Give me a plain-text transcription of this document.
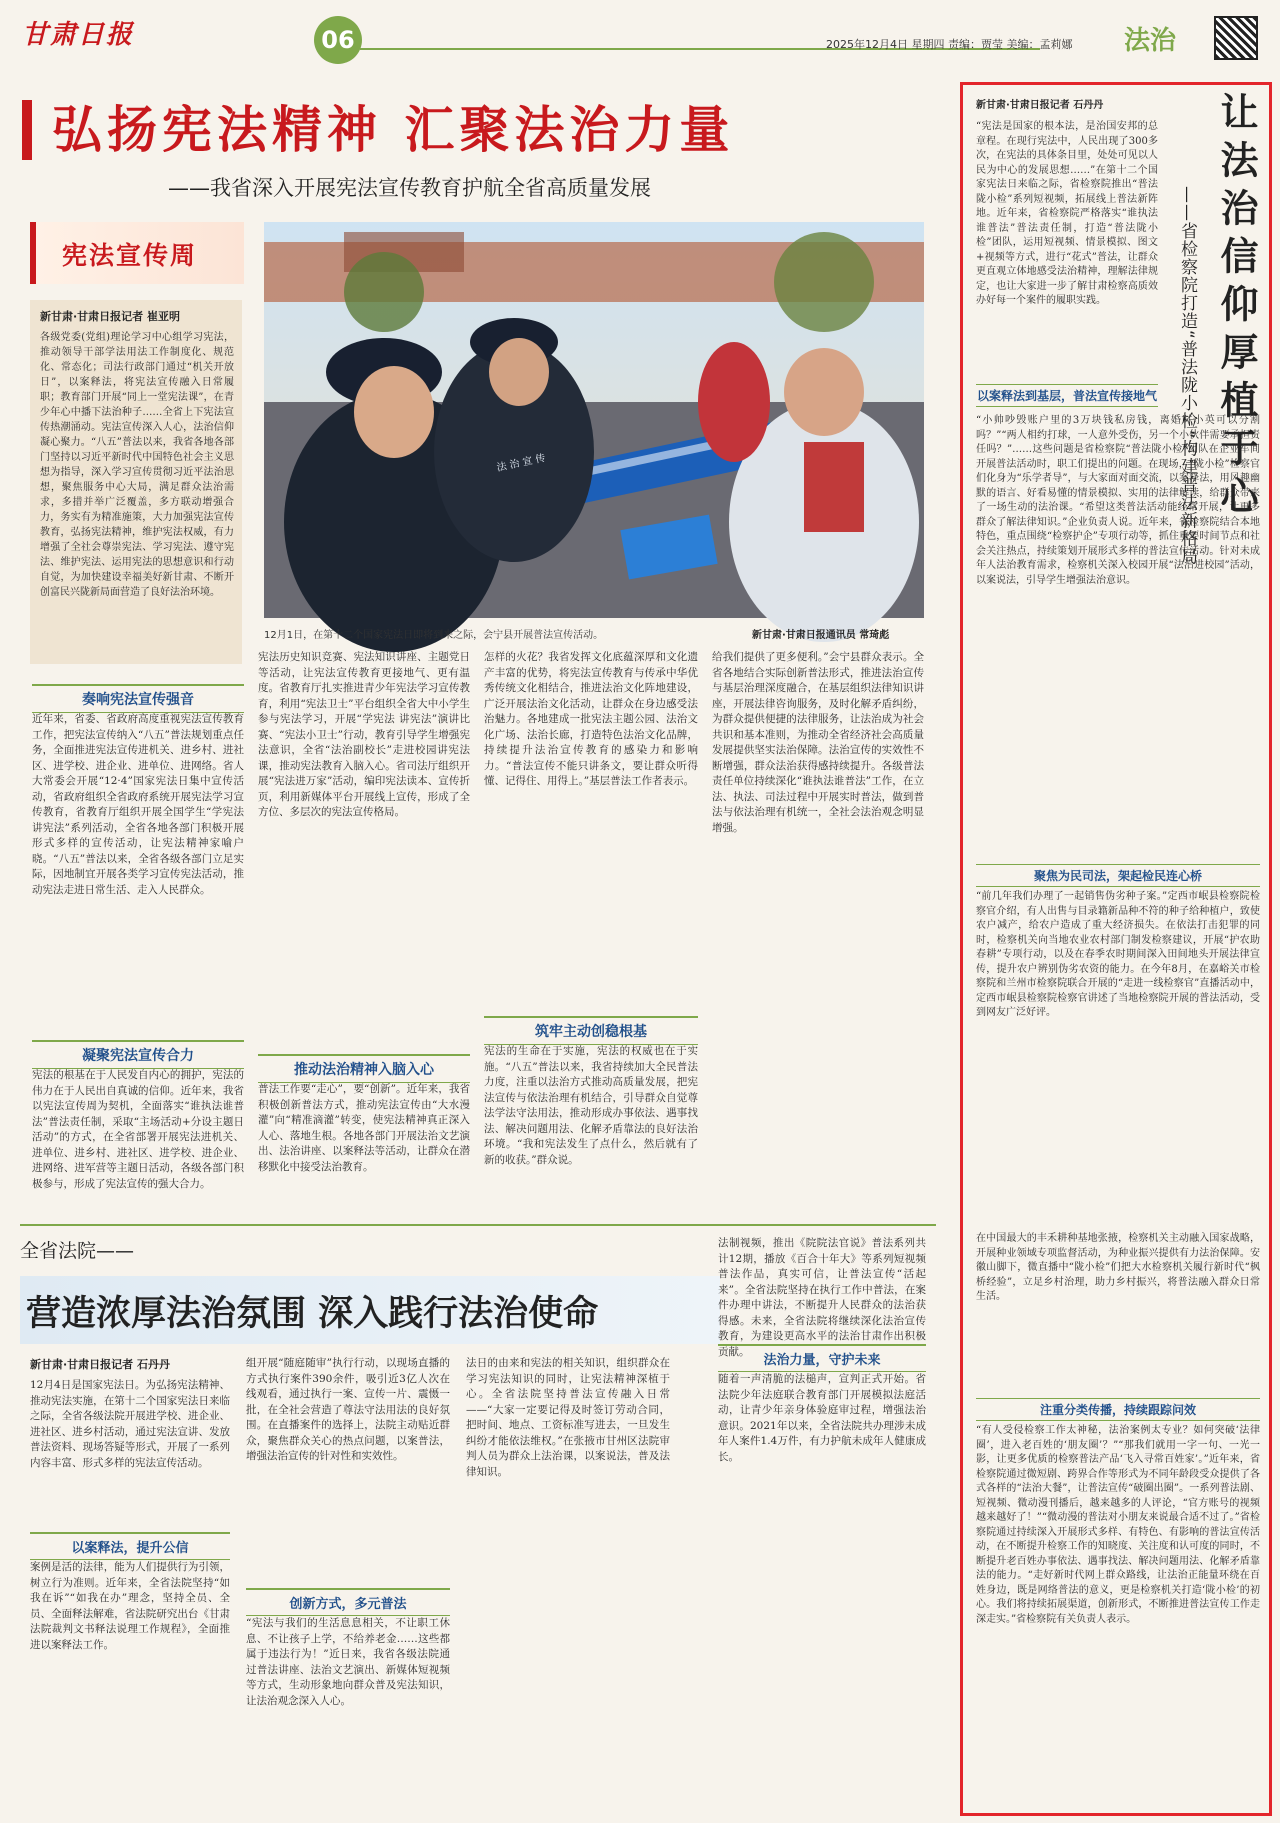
甘肃日报	06	2025年12月4日 星期四 责编：贾莹 美编：孟莉娜 法治
弘扬宪法精神 汇聚法治力量
——我省深入开展宪法宣传教育护航全省高质量发展
宪法宣传周
新甘肃·甘肃日报记者 崔亚明
各级党委(党组)理论学习中心组学习宪法，推动领导干部学法用法工作制度化、规范化、常态化；司法行政部门通过“机关开放日”，以案释法，将宪法宣传融入日常履职；教育部门开展“同上一堂宪法课”，在青少年心中播下法治种子……全省上下宪法宣传热潮涌动。宪法宣传深入人心，法治信仰凝心聚力。“八五”普法以来，我省各地各部门坚持以习近平新时代中国特色社会主义思想为指导，深入学习宣传贯彻习近平法治思想，聚焦服务中心大局，满足群众法治需求，多措并举广泛覆盖，多方联动增强合力，务实有为精准施策，大力加强宪法宣传教育，弘扬宪法精神，维护宪法权威，有力增强了全社会尊崇宪法、学习宪法、遵守宪法、维护宪法、运用宪法的思想意识和行动自觉，为加快建设幸福美好新甘肃、不断开创富民兴陇新局面营造了良好法治环境。
法 治 宣 传
12月1日，在第十二个国家宪法日即将到来之际，会宁县开展普法宣传活动。	新甘肃·甘肃日报通讯员 常琦彪
奏响宪法宣传强音
近年来，省委、省政府高度重视宪法宣传教育工作，把宪法宣传纳入“八五”普法规划重点任务，全面推进宪法宣传进机关、进乡村、进社区、进学校、进企业、进单位、进网络。省人大常委会开展“12·4”国家宪法日集中宣传活动，省政府组织全省政府系统开展宪法学习宣传教育，省教育厅组织开展全国学生“学宪法 讲宪法”系列活动，全省各地各部门积极开展形式多样的宣传活动，让宪法精神家喻户晓。“八五”普法以来，全省各级各部门立足实际，因地制宜开展各类学习宣传宪法活动，推动宪法走进日常生活、走入人民群众。
凝聚宪法宣传合力
宪法的根基在于人民发自内心的拥护，宪法的伟力在于人民出自真诚的信仰。近年来，我省以宪法宣传周为契机，全面落实“谁执法谁普法”普法责任制，采取“主场活动+分设主题日活动”的方式，在全省部署开展宪法进机关、进单位、进乡村、进社区、进学校、进企业、进网络、进军营等主题日活动，各级各部门积极参与，形成了宪法宣传的强大合力。
宪法历史知识竞赛、宪法知识讲座、主题党日等活动，让宪法宣传教育更接地气、更有温度。省教育厅扎实推进青少年宪法学习宣传教育，利用“宪法卫士”平台组织全省大中小学生参与宪法学习，开展“学宪法 讲宪法”演讲比赛、“宪法小卫士”行动，教育引导学生增强宪法意识，全省“法治副校长”走进校园讲宪法课，推动宪法教育入脑入心。省司法厅组织开展“宪法进万家”活动，编印宪法读本、宣传折页，利用新媒体平台开展线上宣传，形成了全方位、多层次的宪法宣传格局。
推动法治精神入脑入心
普法工作要“走心”，要“创新”。近年来，我省积极创新普法方式，推动宪法宣传由“大水漫灌”向“精准滴灌”转变，使宪法精神真正深入人心、落地生根。各地各部门开展法治文艺演出、法治讲座、以案释法等活动，让群众在潜移默化中接受法治教育。
怎样的火花？我省发挥文化底蕴深厚和文化遗产丰富的优势，将宪法宣传教育与传承中华优秀传统文化相结合，推进法治文化阵地建设，广泛开展法治文化活动，让群众在身边感受法治魅力。各地建成一批宪法主题公园、法治文化广场、法治长廊，打造特色法治文化品牌，持续提升法治宣传教育的感染力和影响力。“普法宣传不能只讲条文，要让群众听得懂、记得住、用得上。”基层普法工作者表示。
筑牢主动创稳根基
宪法的生命在于实施，宪法的权威也在于实施。“八五”普法以来，我省持续加大全民普法力度，注重以法治方式推动高质量发展，把宪法宣传与依法治理有机结合，引导群众自觉尊法学法守法用法，推动形成办事依法、遇事找法、解决问题用法、化解矛盾靠法的良好法治环境。“我和宪法发生了点什么，然后就有了新的收获。”群众说。
给我们提供了更多便利。”会宁县群众表示。全省各地结合实际创新普法形式，推进法治宣传与基层治理深度融合，在基层组织法律知识讲座，开展法律咨询服务，及时化解矛盾纠纷，为群众提供便捷的法律服务，让法治成为社会共识和基本准则，为推动全省经济社会高质量发展提供坚实法治保障。法治宣传的实效性不断增强，群众法治获得感持续提升。各级普法责任单位持续深化“谁执法谁普法”工作，在立法、执法、司法过程中开展实时普法，做到普法与依法治理有机统一，全社会法治观念明显增强。
全省法院——
营造浓厚法治氛围 深入践行法治使命
新甘肃·甘肃日报记者 石丹丹
12月4日是国家宪法日。为弘扬宪法精神、推动宪法实施，在第十二个国家宪法日来临之际，全省各级法院开展进学校、进企业、进社区、进乡村活动，通过宪法宣讲、发放普法资料、现场答疑等形式，开展了一系列内容丰富、形式多样的宪法宣传活动。
以案释法，提升公信
案例是活的法律，能为人们提供行为引领，树立行为准则。近年来，全省法院坚持“如我在诉”“如我在办”理念，坚持全员、全员、全面释法解难，省法院研究出台《甘肃法院裁判文书释法说理工作规程》，全面推进以案释法工作。
组开展“随庭随审”执行行动，以现场直播的方式执行案件390余件，吸引近3亿人次在线观看，通过执行一案、宣传一片、震慑一批，在全社会营造了尊法守法用法的良好氛围。在直播案件的选择上，法院主动贴近群众，聚焦群众关心的热点问题，以案普法，增强法治宣传的针对性和实效性。
创新方式，多元普法
“宪法与我们的生活息息相关，不让职工休息、不让孩子上学，不给养老金……这些都属于违法行为！”近日来，我省各级法院通过普法讲座、法治文艺演出、新媒体短视频等方式，生动形象地向群众普及宪法知识，让法治观念深入人心。
法日的由来和宪法的相关知识，组织群众在学习宪法知识的同时，让宪法精神深植于心。全省法院坚持普法宣传融入日常——“大家一定要记得及时签订劳动合同，把时间、地点、工资标准写进去，一旦发生纠纷才能依法维权。”在张掖市甘州区法院审判人员为群众上法治课，以案说法，普及法律知识。
法制视频，推出《院院法官说》普法系列共计12期，播放《百合十年大》等系列短视频普法作品，真实可信，让普法宣传“活起来”。全省法院坚持在执行工作中普法，在案件办理中讲法，不断提升人民群众的法治获得感。未来，全省法院将继续深化法治宣传教育，为建设更高水平的法治甘肃作出积极贡献。
法治力量，守护未来
随着一声清脆的法槌声，宣判正式开始。省法院少年法庭联合教育部门开展模拟法庭活动，让青少年亲身体验庭审过程，增强法治意识。2021年以来，全省法院共办理涉未成年人案件1.4万件，有力护航未成年人健康成长。
让法治信仰厚植于心
——省检察院打造“普法陇小检”构建普法新格局
新甘肃·甘肃日报记者 石丹丹
“宪法是国家的根本法，是治国安邦的总章程。在现行宪法中，人民出现了300多次，在宪法的具体条目里，处处可见以人民为中心的发展思想……”在第十二个国家宪法日来临之际，省检察院推出“普法陇小检”系列短视频，拓展线上普法新阵地。近年来，省检察院严格落实“谁执法谁普法”普法责任制，打造“普法陇小检”团队，运用短视频、情景模拟、图文+视频等方式，进行“花式”普法，让群众更直观立体地感受法治精神，理解法律规定，也让大家进一步了解甘肃检察高质效办好每一个案件的履职实践。
以案释法到基层，普法宣传接地气
“小帅吵毁账户里的3万块钱私房钱，离婚时小英可以分割吗？”“两人相约打球，一人意外受伤，另一个小伙伴需要承担责任吗？”……这些问题是省检察院“普法陇小检”团队在企业车间开展普法活动时，职工们提出的问题。在现场，“陇小检”检察官们化身为“乐学者导”，与大家面对面交流，以案释法，用风趣幽默的语言、好看易懂的情景模拟、实用的法律解读，给群众带来了一场生动的法治课。“希望这类普法活动能经常开展，让更多群众了解法律知识。”企业负责人说。近年来，省检察院结合本地特色，重点围绕“检察护企”专项行动等，抓住重要时间节点和社会关注热点，持续策划开展形式多样的普法宣传活动。针对未成年人法治教育需求，检察机关深入校园开展“法治进校园”活动，以案说法，引导学生增强法治意识。
聚焦为民司法，架起检民连心桥
“前几年我们办理了一起销售伪劣种子案。”定西市岷县检察院检察官介绍，有人出售与目录籍新品种不符的种子给种植户，致使农户减产，给农户造成了重大经济损失。在依法打击犯罪的同时，检察机关向当地农业农村部门制发检察建议，开展“护农助春耕”专项行动，以及在春季农时期间深入田间地头开展法律宣传，提升农户辨别伪劣农资的能力。在今年8月，在嘉峪关市检察院和兰州市检察院联合开展的“走进一线检察官”直播活动中，定西市岷县检察院检察官讲述了当地检察院开展的普法活动，受到网友广泛好评。
在中国最大的丰禾耕种基地张掖，检察机关主动融入国家战略，开展种业领域专项监督活动，为种业振兴提供有力法治保障。安徽山脚下，微直播中“陇小检”们把大水检察机关履行新时代“枫桥经验”，立足乡村治理，助力乡村振兴，将普法融入群众日常生活。
注重分类传播，持续跟踪问效
“有人受侵检察工作太神秘，法治案例太专业？如何突破‘法律圈’，进入老百姓的‘朋友圈’？”“那我们就用一字一句、一光一影，让更多优质的检察普法产品‘飞入寻常百姓家’。”近年来，省检察院通过微短剧、跨界合作等形式为不同年龄段受众提供了各式各样的“法治大餐”，让普法宣传“破圈出圈”。一系列普法剧、短视频、微动漫刊播后，越来越多的人评论，“官方账号的视频越来越好了！”“微动漫的普法对小朋友来说最合适不过了。”省检察院通过持续深入开展形式多样、有特色、有影响的普法宣传活动，在不断提升检察工作的知晓度、关注度和认可度的同时，不断提升老百姓办事依法、遇事找法、解决问题用法、化解矛盾靠法的能力。“走好新时代网上群众路线，让法治正能量环绕在百姓身边，既是网络普法的意义，更是检察机关打造‘陇小检’的初心。我们将持续拓展渠道，创新形式，不断推进普法宣传工作走深走实。”省检察院有关负责人表示。
